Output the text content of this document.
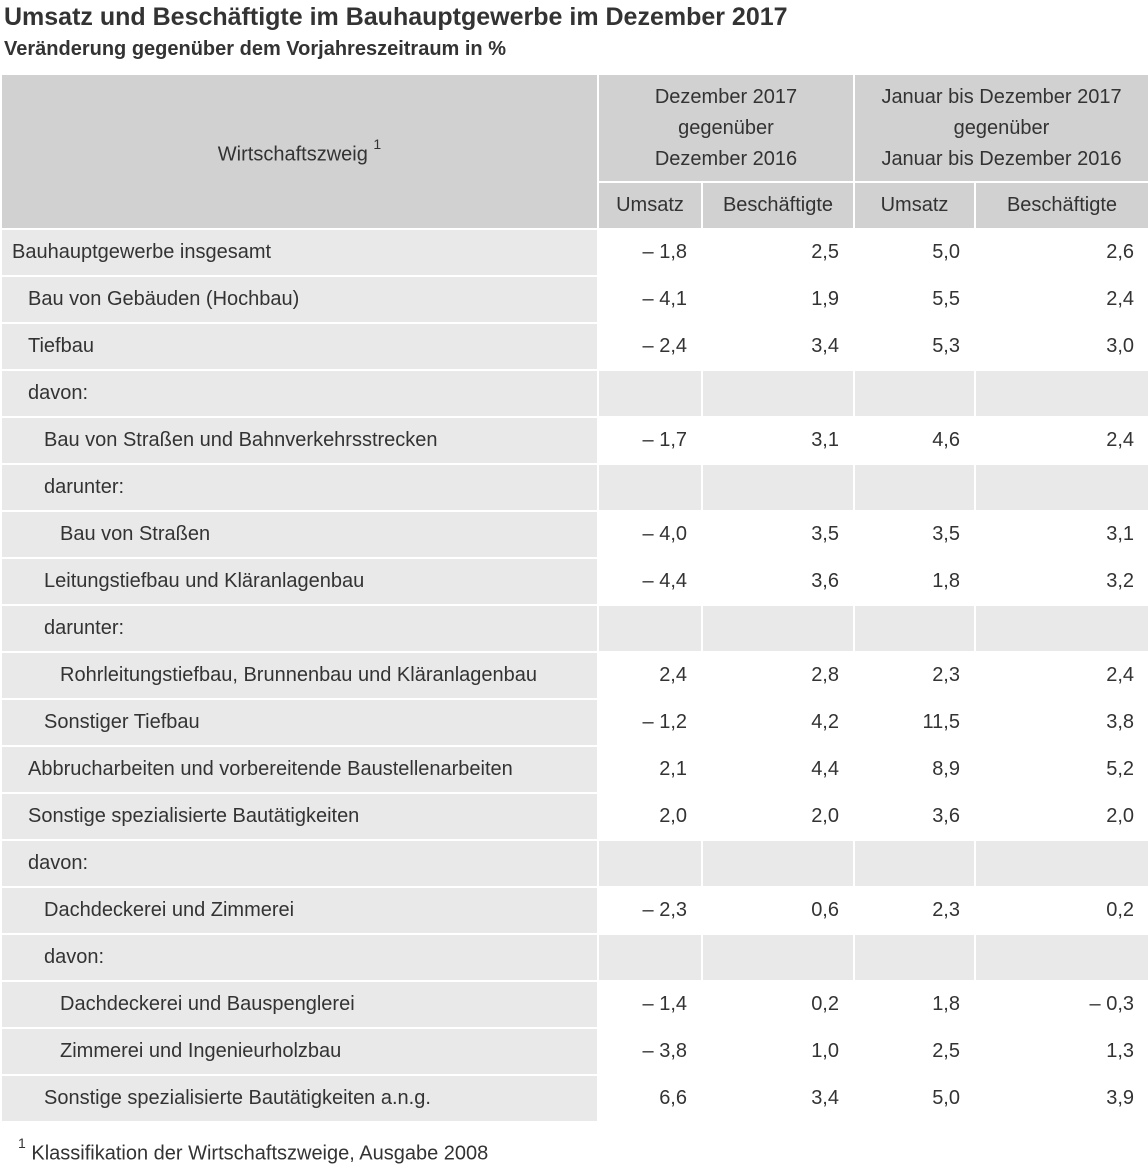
Umsatz und Beschäftigte im Bauhauptgewerbe im Dezember 2017
Veränderung gegenüber dem Vorjahreszeitraum in %
Wirtschaftszweig $^1$	Dezember 2017
gegenüber
Dezember 2016		Januar bis Dezember 2017
gegenüber
Januar bis Dezember 2016	
	Umsatz	Beschäftigte	Umsatz	Beschäftigte
Bauhauptgewerbe insgesamt	– 1,8	2,5	5,0	2,6
Bau von Gebäuden (Hochbau)	– 4,1	1,9	5,5	2,4
Tiefbau	– 2,4	3,4	5,3	3,0
davon:				
Bau von Straßen und Bahnverkehrsstrecken	– 1,7	3,1	4,6	2,4
darunter:				
Bau von Straßen	– 4,0	3,5	3,5	3,1
Leitungstiefbau und Kläranlagenbau	– 4,4	3,6	1,8	3,2
darunter:				
Rohrleitungstiefbau, Brunnenbau und Kläranlagenbau	2,4	2,8	2,3	2,4
Sonstiger Tiefbau	– 1,2	4,2	11,5	3,8
Abbrucharbeiten und vorbereitende Baustellenarbeiten	2,1	4,4	8,9	5,2
Sonstige spezialisierte Bautätigkeiten	2,0	2,0	3,6	2,0
davon:				
Dachdeckerei und Zimmerei	– 2,3	0,6	2,3	0,2
davon:				
Dachdeckerei und Bauspenglerei	– 1,4	0,2	1,8	– 0,3
Zimmerei und Ingenieurholzbau	– 3,8	1,0	2,5	1,3
Sonstige spezialisierte Bautätigkeiten a.n.g.	6,6	3,4	5,0	3,9

$^1$ Klassifikation der Wirtschaftszweige, Ausgabe 2008
